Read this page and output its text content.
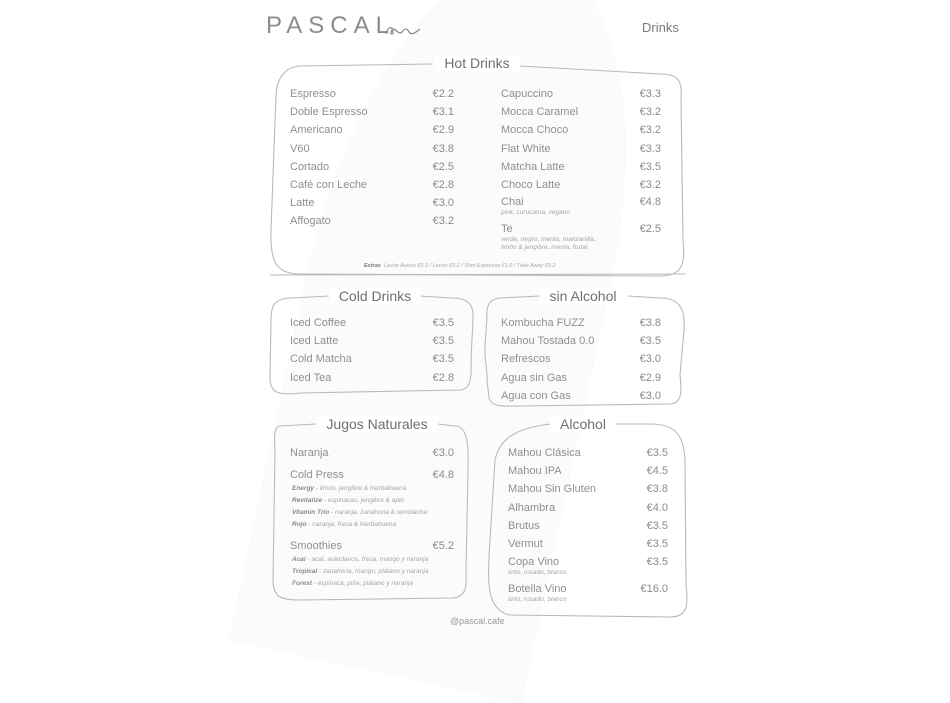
PASCAL	Drinks
Hot Drinks
Cold Drinks	sin Alcohol
Jugos Naturales	Alcohol
Espresso	€2.2
Doble Espresso	€3.1
Americano	€2.9
V60	€3.8
Cortado	€2.5
Café con Leche	€2.8
Latte	€3.0
Affogato	€3.2
Capuccino	€3.3
Mocca Caramel	€3.2
Mocca Choco	€3.2
Flat White	€3.3
Matcha Latte	€3.5
Choco Latte	€3.2
Chai	€4.8
pink, curucama, vegano
Te	€2.5
verde, negro, menta, manzanilla,
limón & jengibre, menta, frutal
Extras Leche Avena €0.3 / Leche €0.2 / Shot Espresso €1.0 / Take Away €0.2
Iced Coffee	€3.5
Iced Latte	€3.5
Cold Matcha	€3.5
Iced Tea	€2.8
Kombucha FUZZ	€3.8
Mahou Tostada 0.0	€3.5
Refrescos	€3.0
Agua sin Gas	€2.9
Agua con Gas	€3.0
Naranja	€3.0
Cold Press	€4.8
Energy - limón, jengibre & hierbabuena
Revitalize - espinacas, jengibre & apio
Vitamin Trio - naranja, zanahoria & remolacha
Rojo - naranja, fresa & hierbabuena
Smoothies	€5.2
Acai - acaí, arándanos, fresa, mango y naranja
Tropical - zanahoria, mango, plátano y naranja
Forest - espinaca, piña, plátano y naranja
Mahou Clásica	€3.5
Mahou IPA	€4.5
Mahou Sin Gluten	€3.8
Alhambra	€4.0
Brutus	€3.5
Vermut	€3.5
Copa Vino	€3.5
tinto, rosado, blanco
Botella Vino	€16.0
tinto, rosado, blanco
@pascal.cafe
